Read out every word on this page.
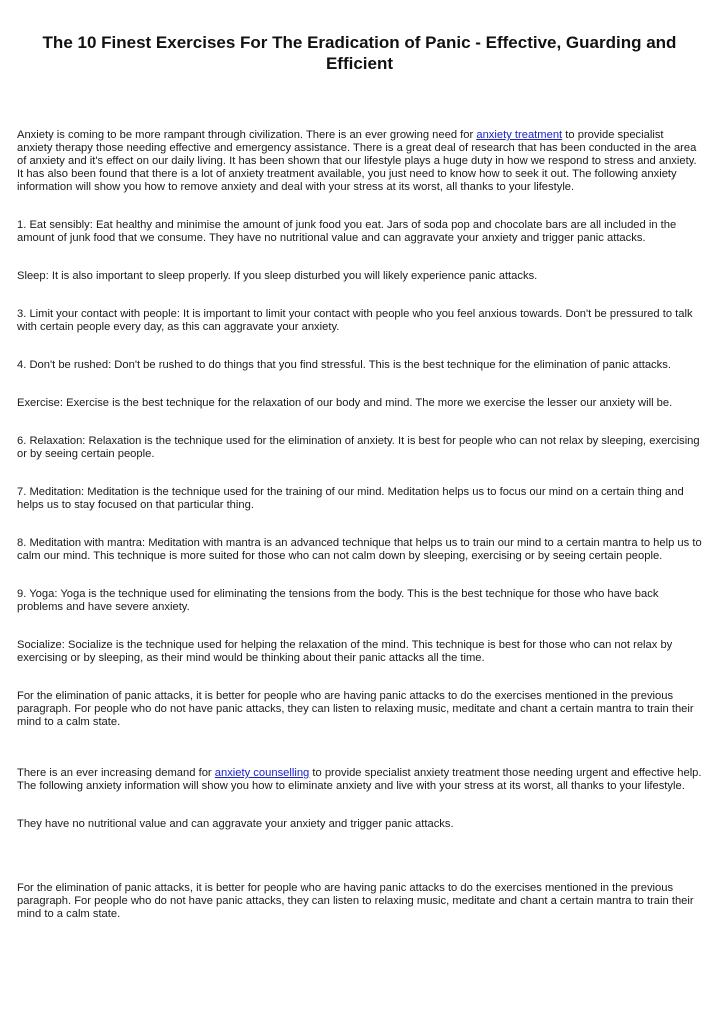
The 10 Finest Exercises For The Eradication of Panic - Effective, Guarding and Efficient

Anxiety is coming to be more rampant through civilization. There is an ever growing need for anxiety treatment to provide specialist anxiety therapy those needing effective and emergency assistance. There is a great deal of research that has been conducted in the area of anxiety and it's effect on our daily living. It has been shown that our lifestyle plays a huge duty in how we respond to stress and anxiety. It has also been found that there is a lot of anxiety treatment available, you just need to know how to seek it out. The following anxiety information will show you how to remove anxiety and deal with your stress at its worst, all thanks to your lifestyle.

1. Eat sensibly: Eat healthy and minimise the amount of junk food you eat. Jars of soda pop and chocolate bars are all included in the amount of junk food that we consume. They have no nutritional value and can aggravate your anxiety and trigger panic attacks.

Sleep: It is also important to sleep properly. If you sleep disturbed you will likely experience panic attacks.

3. Limit your contact with people: It is important to limit your contact with people who you feel anxious towards. Don't be pressured to talk with certain people every day, as this can aggravate your anxiety.

4. Don't be rushed: Don't be rushed to do things that you find stressful. This is the best technique for the elimination of panic attacks.

Exercise: Exercise is the best technique for the relaxation of our body and mind. The more we exercise the lesser our anxiety will be.

6. Relaxation: Relaxation is the technique used for the elimination of anxiety. It is best for people who can not relax by sleeping, exercising or by seeing certain people.

7. Meditation: Meditation is the technique used for the training of our mind. Meditation helps us to focus our mind on a certain thing and helps us to stay focused on that particular thing.

8. Meditation with mantra: Meditation with mantra is an advanced technique that helps us to train our mind to a certain mantra to help us to calm our mind. This technique is more suited for those who can not calm down by sleeping, exercising or by seeing certain people.

9. Yoga: Yoga is the technique used for eliminating the tensions from the body. This is the best technique for those who have back problems and have severe anxiety.

Socialize: Socialize is the technique used for helping the relaxation of the mind. This technique is best for those who can not relax by exercising or by sleeping, as their mind would be thinking about their panic attacks all the time.

For the elimination of panic attacks, it is better for people who are having panic attacks to do the exercises mentioned in the previous paragraph. For people who do not have panic attacks, they can listen to relaxing music, meditate and chant a certain mantra to train their mind to a calm state.

There is an ever increasing demand for anxiety counselling to provide specialist anxiety treatment those needing urgent and effective help. The following anxiety information will show you how to eliminate anxiety and live with your stress at its worst, all thanks to your lifestyle.

They have no nutritional value and can aggravate your anxiety and trigger panic attacks.

For the elimination of panic attacks, it is better for people who are having panic attacks to do the exercises mentioned in the previous paragraph. For people who do not have panic attacks, they can listen to relaxing music, meditate and chant a certain mantra to train their mind to a calm state.
